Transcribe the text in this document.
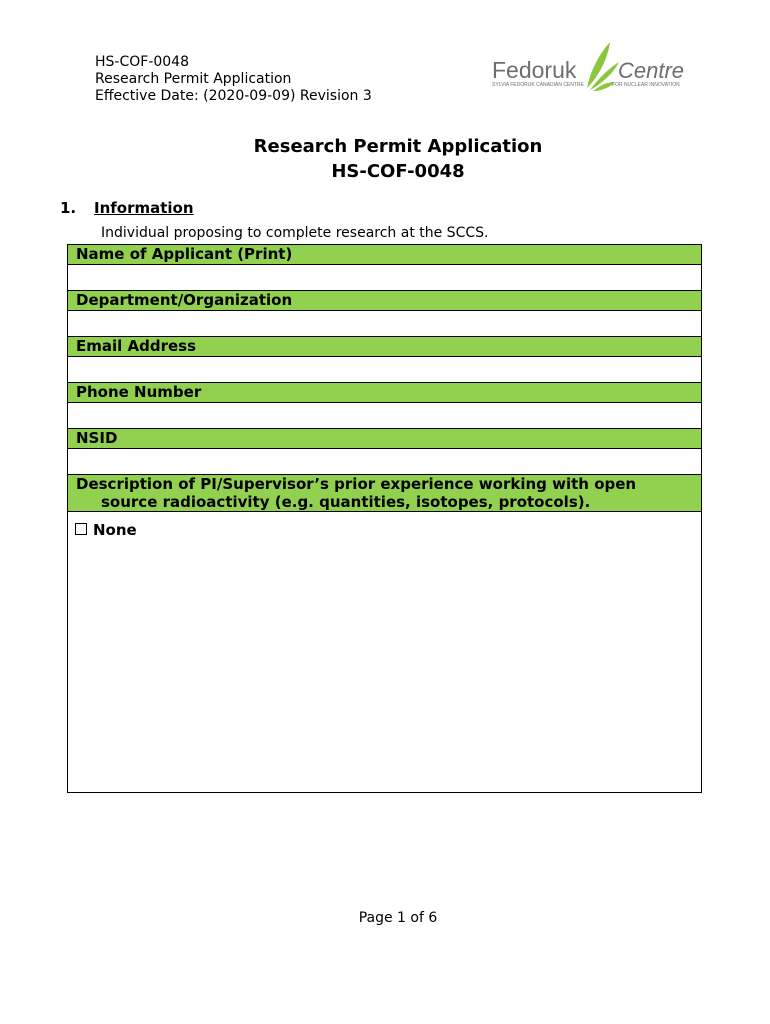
HS-COF-0048
Research Permit Application
Effective Date: (2020-09-09) Revision 3
Fedoruk Centre
SYLVIA FEDORUK CANADIAN CENTRE	FOR NUCLEAR INNOVATION
Research Permit Application
HS-COF-0048
1. Information
Individual proposing to complete research at the SCCS.
Name of Applicant (Print)
Department/Organization
Email Address
Phone Number
NSID
Description of PI/Supervisor’s prior experience working with open
source radioactivity (e.g. quantities, isotopes, protocols).
None
Page 1 of 6
